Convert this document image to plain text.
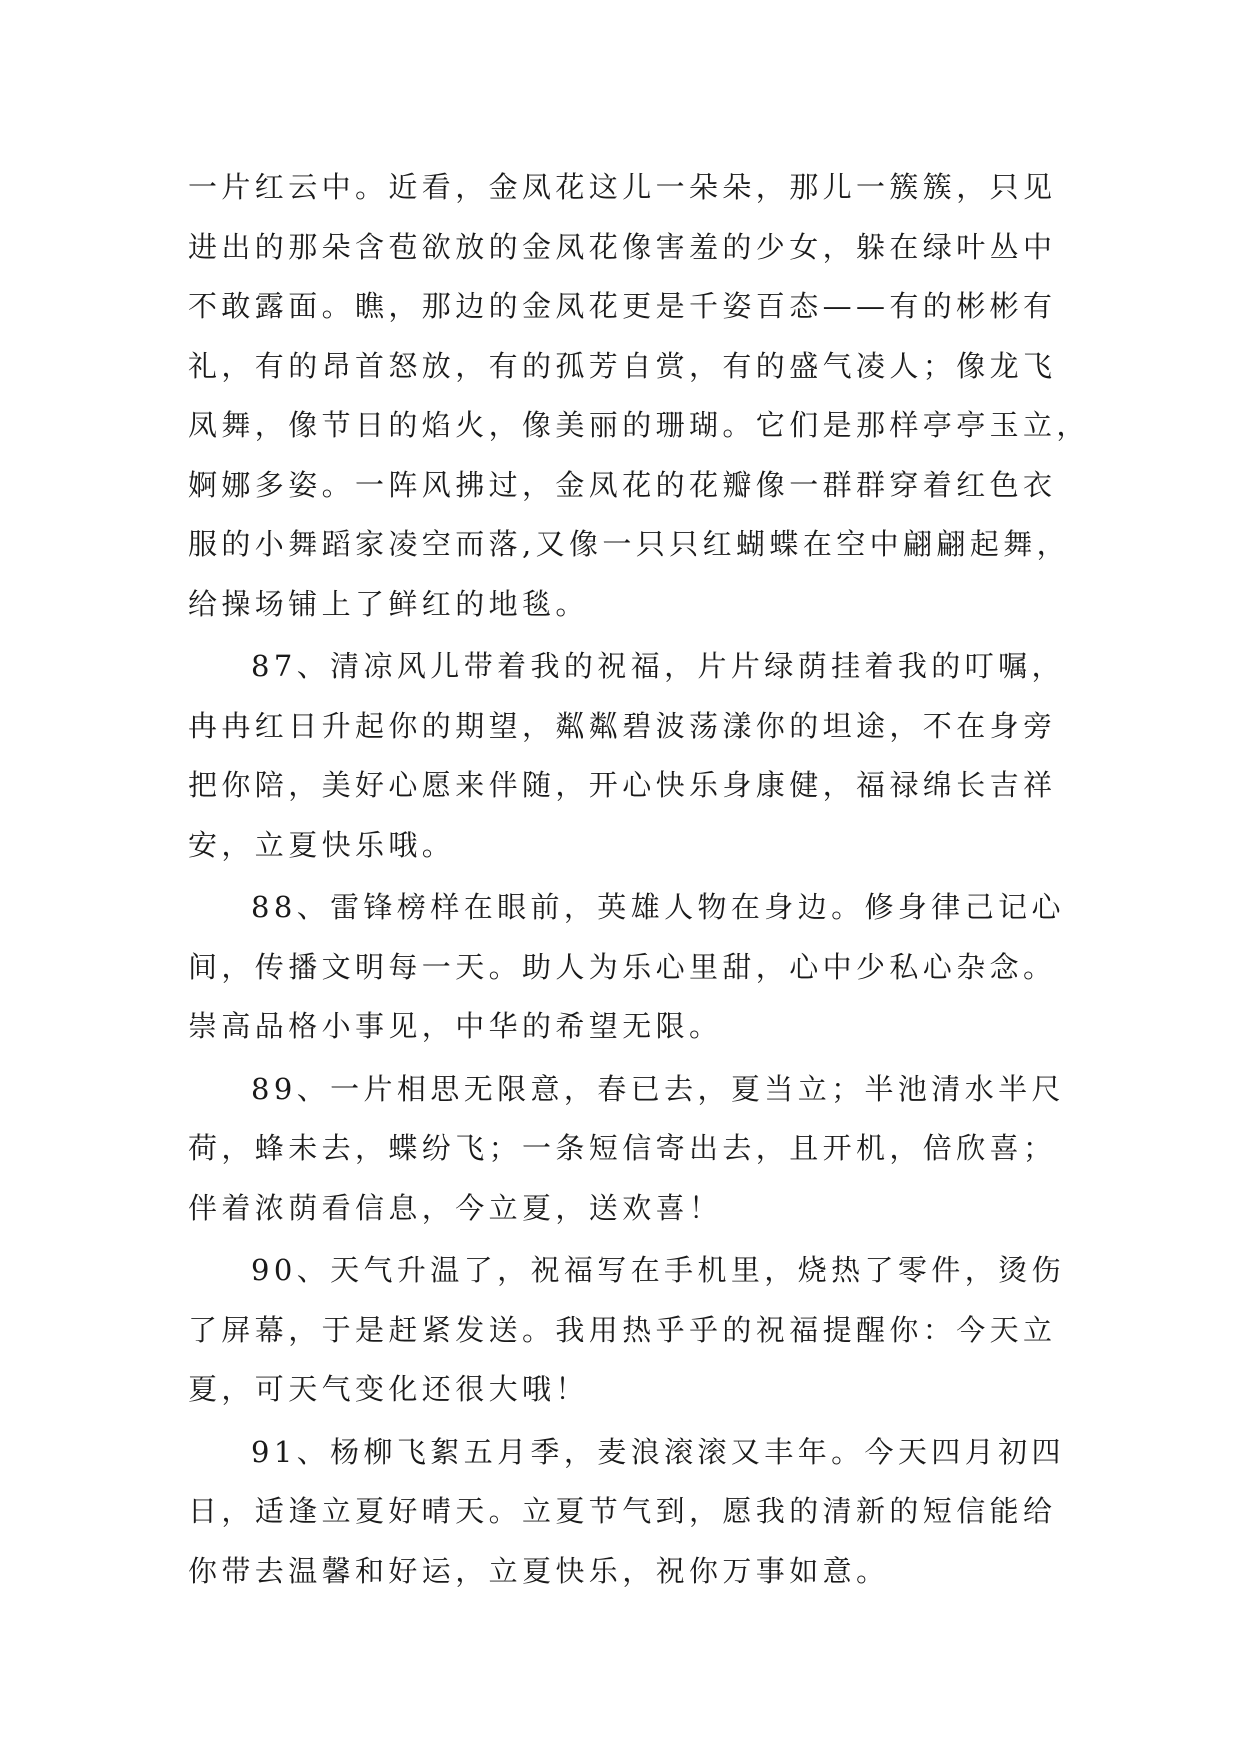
一片红云中。近看，金凤花这儿一朵朵，那儿一簇簇，只见
进出的那朵含苞欲放的金凤花像害羞的少女，躲在绿叶丛中
不敢露面。瞧，那边的金凤花更是千姿百态——有的彬彬有
礼，有的昂首怒放，有的孤芳自赏，有的盛气凌人；像龙飞
凤舞，像节日的焰火，像美丽的珊瑚。它们是那样亭亭玉立，
婀娜多姿。一阵风拂过，金凤花的花瓣像一群群穿着红色衣
服的小舞蹈家凌空而落,又像一只只红蝴蝶在空中翩翩起舞，
给操场铺上了鲜红的地毯。
87、清凉风儿带着我的祝福，片片绿荫挂着我的叮嘱，
冉冉红日升起你的期望，粼粼碧波荡漾你的坦途，不在身旁
把你陪，美好心愿来伴随，开心快乐身康健，福禄绵长吉祥
安，立夏快乐哦。
88、雷锋榜样在眼前，英雄人物在身边。修身律己记心
间，传播文明每一天。助人为乐心里甜，心中少私心杂念。
崇高品格小事见，中华的希望无限。
89、一片相思无限意，春已去，夏当立；半池清水半尺
荷，蜂未去，蝶纷飞；一条短信寄出去，且开机，倍欣喜；
伴着浓荫看信息，今立夏，送欢喜！
90、天气升温了，祝福写在手机里，烧热了零件，烫伤
了屏幕，于是赶紧发送。我用热乎乎的祝福提醒你：今天立
夏，可天气变化还很大哦！
91、杨柳飞絮五月季，麦浪滚滚又丰年。今天四月初四
日，适逢立夏好晴天。立夏节气到，愿我的清新的短信能给
你带去温馨和好运，立夏快乐，祝你万事如意。
